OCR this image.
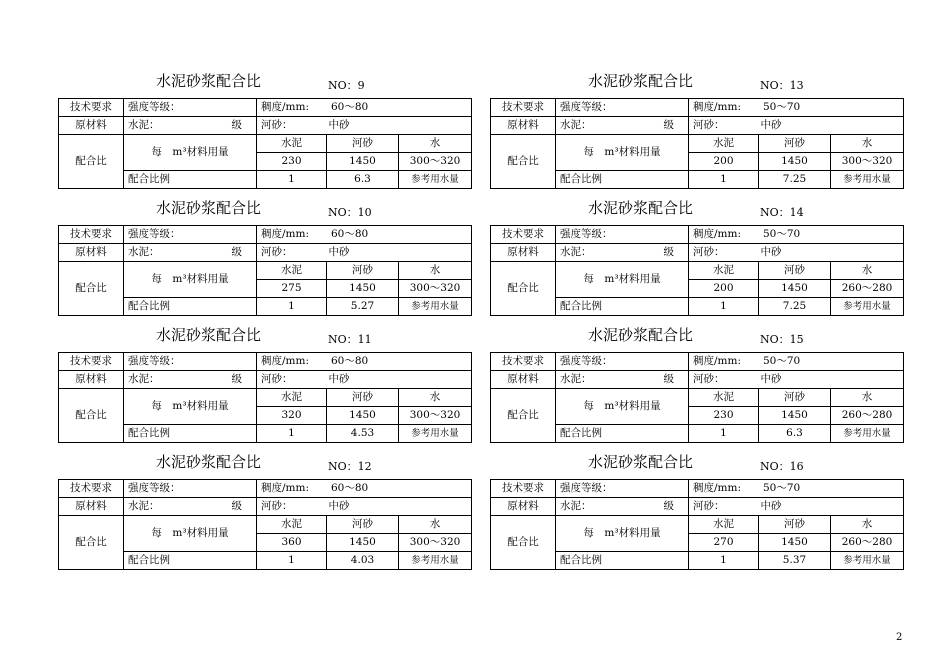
水泥砂浆配合比	NO：9
技术要求	强度等级：	稠度/mm: 60～80		
原材料	水泥： 级	河砂： 中砂		
配合比	每　m³材料用量	水泥	河砂	水
		230	1450	300～320
	配合比例	1	6.3	参考用水量
水泥砂浆配合比	NO：13
技术要求	强度等级：	稠度/mm: 50～70		
原材料	水泥： 级	河砂： 中砂		
配合比	每　m³材料用量	水泥	河砂	水
		200	1450	300～320
	配合比例	1	7.25	参考用水量
水泥砂浆配合比	NO：10
技术要求	强度等级：	稠度/mm: 60～80		
原材料	水泥： 级	河砂： 中砂		
配合比	每　m³材料用量	水泥	河砂	水
		275	1450	300～320
	配合比例	1	5.27	参考用水量
水泥砂浆配合比	NO：14
技术要求	强度等级：	稠度/mm: 50～70		
原材料	水泥： 级	河砂： 中砂		
配合比	每　m³材料用量	水泥	河砂	水
		200	1450	260～280
	配合比例	1	7.25	参考用水量
水泥砂浆配合比	NO：11
技术要求	强度等级：	稠度/mm: 60～80		
原材料	水泥： 级	河砂： 中砂		
配合比	每　m³材料用量	水泥	河砂	水
		320	1450	300～320
	配合比例	1	4.53	参考用水量
水泥砂浆配合比	NO：15
技术要求	强度等级：	稠度/mm: 50～70		
原材料	水泥： 级	河砂： 中砂		
配合比	每　m³材料用量	水泥	河砂	水
		230	1450	260～280
	配合比例	1	6.3	参考用水量
水泥砂浆配合比	NO：12
技术要求	强度等级：	稠度/mm: 60～80		
原材料	水泥： 级	河砂： 中砂		
配合比	每　m³材料用量	水泥	河砂	水
		360	1450	300～320
	配合比例	1	4.03	参考用水量
水泥砂浆配合比	NO：16
技术要求	强度等级：	稠度/mm: 50～70		
原材料	水泥： 级	河砂： 中砂		
配合比	每　m³材料用量	水泥	河砂	水
		270	1450	260～280
	配合比例	1	5.37	参考用水量
2
